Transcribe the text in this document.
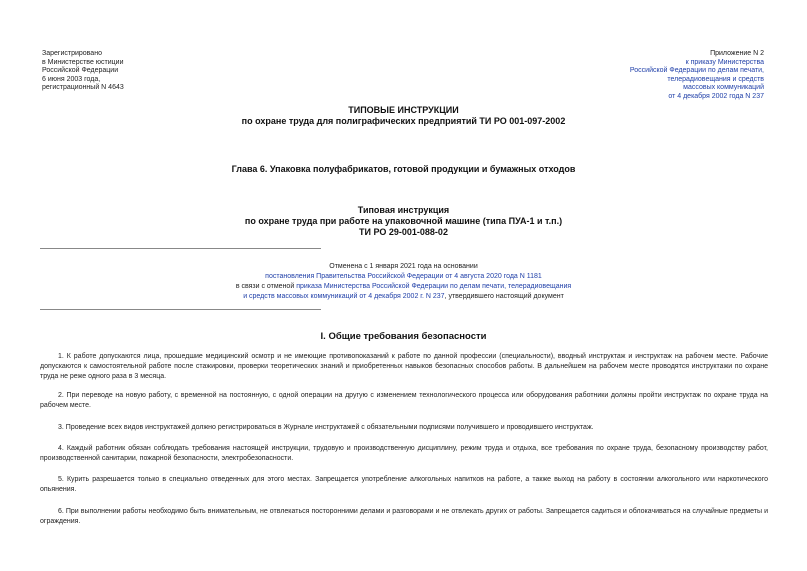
Зарегистрировано
в Министерстве юстиции
Российской Федерации
6 июня 2003 года,
регистрационный N 4643
Приложение N 2
к приказу Министерства
Российской Федерации по делам печати,
телерадиовещания и средств
массовых коммуникаций
от 4 декабря 2002 года N 237
ТИПОВЫЕ ИНСТРУКЦИИ
по охране труда для полиграфических предприятий ТИ РО 001-097-2002
Глава 6. Упаковка полуфабрикатов, готовой продукции и бумажных отходов
Типовая инструкция
по охране труда при работе на упаковочной машине (типа ПУА-1 и т.п.)
ТИ РО 29-001-088-02
Отменена с 1 января 2021 года на основании
постановления Правительства Российской Федерации от 4 августа 2020 года N 1181
в связи с отменой приказа Министерства Российской Федерации по делам печати, телерадиовещания
и средств массовых коммуникаций от 4 декабря 2002 г. N 237, утвердившего настоящий документ
I. Общие требования безопасности
1. К работе допускаются лица, прошедшие медицинский осмотр и не имеющие противопоказаний к работе по данной профессии (специальности), вводный инструктаж и инструктаж на рабочем месте. Рабочие допускаются к самостоятельной работе после стажировки, проверки теоретических знаний и приобретенных навыков безопасных способов работы. В дальнейшем на рабочем месте проводятся инструктажи по охране труда не реже одного раза в 3 месяца.
2. При переводе на новую работу, с временной на постоянную, с одной операции на другую с изменением технологического процесса или оборудования работники должны пройти инструктаж по охране труда на рабочем месте.
3. Проведение всех видов инструктажей должно регистрироваться в Журнале инструктажей с обязательными подписями получившего и проводившего инструктаж.
4. Каждый работник обязан соблюдать требования настоящей инструкции, трудовую и производственную дисциплину, режим труда и отдыха, все требования по охране труда, безопасному производству работ, производственной санитарии, пожарной безопасности, электробезопасности.
5. Курить разрешается только в специально отведенных для этого местах. Запрещается употребление алкогольных напитков на работе, а также выход на работу в состоянии алкогольного или наркотического опьянения.
6. При выполнении работы необходимо быть внимательным, не отвлекаться посторонними делами и разговорами и не отвлекать других от работы. Запрещается садиться и облокачиваться на случайные предметы и ограждения.
